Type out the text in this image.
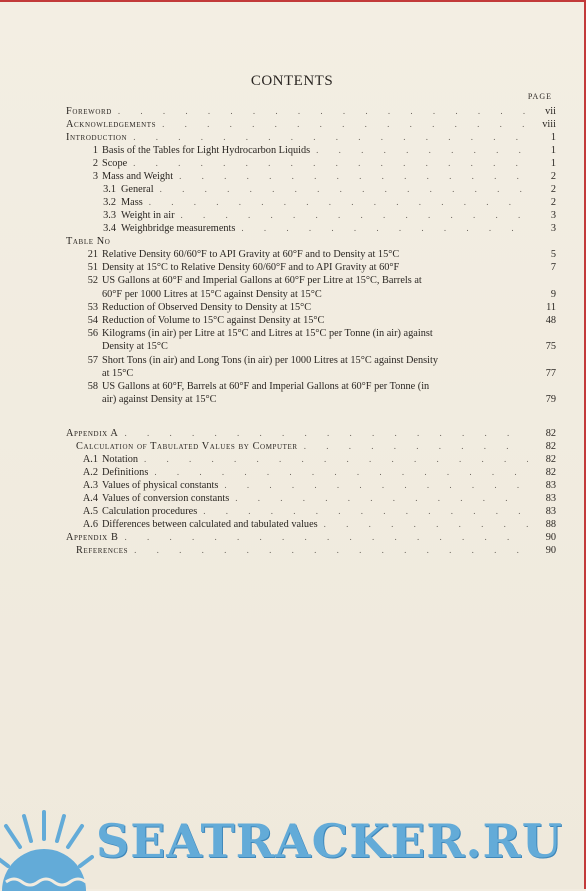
CONTENTS
PAGE
Foreword . . .	vii
Acknowledgements . . .	viii
Introduction . . .	1
1 Basis of the Tables for Light Hydrocarbon Liquids . . .	1
2 Scope . . .	1
3 Mass and Weight . . .	2
3.1 General . . .	2
3.2 Mass . . .	2
3.3 Weight in air . . .	3
3.4 Weighbridge measurements . . .	3
Table No
21 Relative Density 60/60°F to API Gravity at 60°F and to Density at 15°C	5
51 Density at 15°C to Relative Density 60/60°F and to API Gravity at 60°F	7
52 US Gallons at 60°F and Imperial Gallons at 60°F per Litre at 15°C, Barrels at
60°F per 1000 Litres at 15°C against Density at 15°C	9
53 Reduction of Observed Density to Density at 15°C	11
54 Reduction of Volume to 15°C against Density at 15°C	48
56 Kilograms (in air) per Litre at 15°C and Litres at 15°C per Tonne (in air) against
Density at 15°C	75
57 Short Tons (in air) and Long Tons (in air) per 1000 Litres at 15°C against Density
at 15°C	77
58 US Gallons at 60°F, Barrels at 60°F and Imperial Gallons at 60°F per Tonne (in
air) against Density at 15°C	79
Appendix A . . .	82
Calculation of Tabulated Values by Computer . . .	82
A.1 Notation . . .	82
A.2 Definitions . . .	82
A.3 Values of physical constants . . .	83
A.4 Values of conversion constants . . .	83
A.5 Calculation procedures . . .	83
A.6 Differences between calculated and tabulated values . . .	88
Appendix B . . .	90
References . . .	90
SEATRACKER.RU
